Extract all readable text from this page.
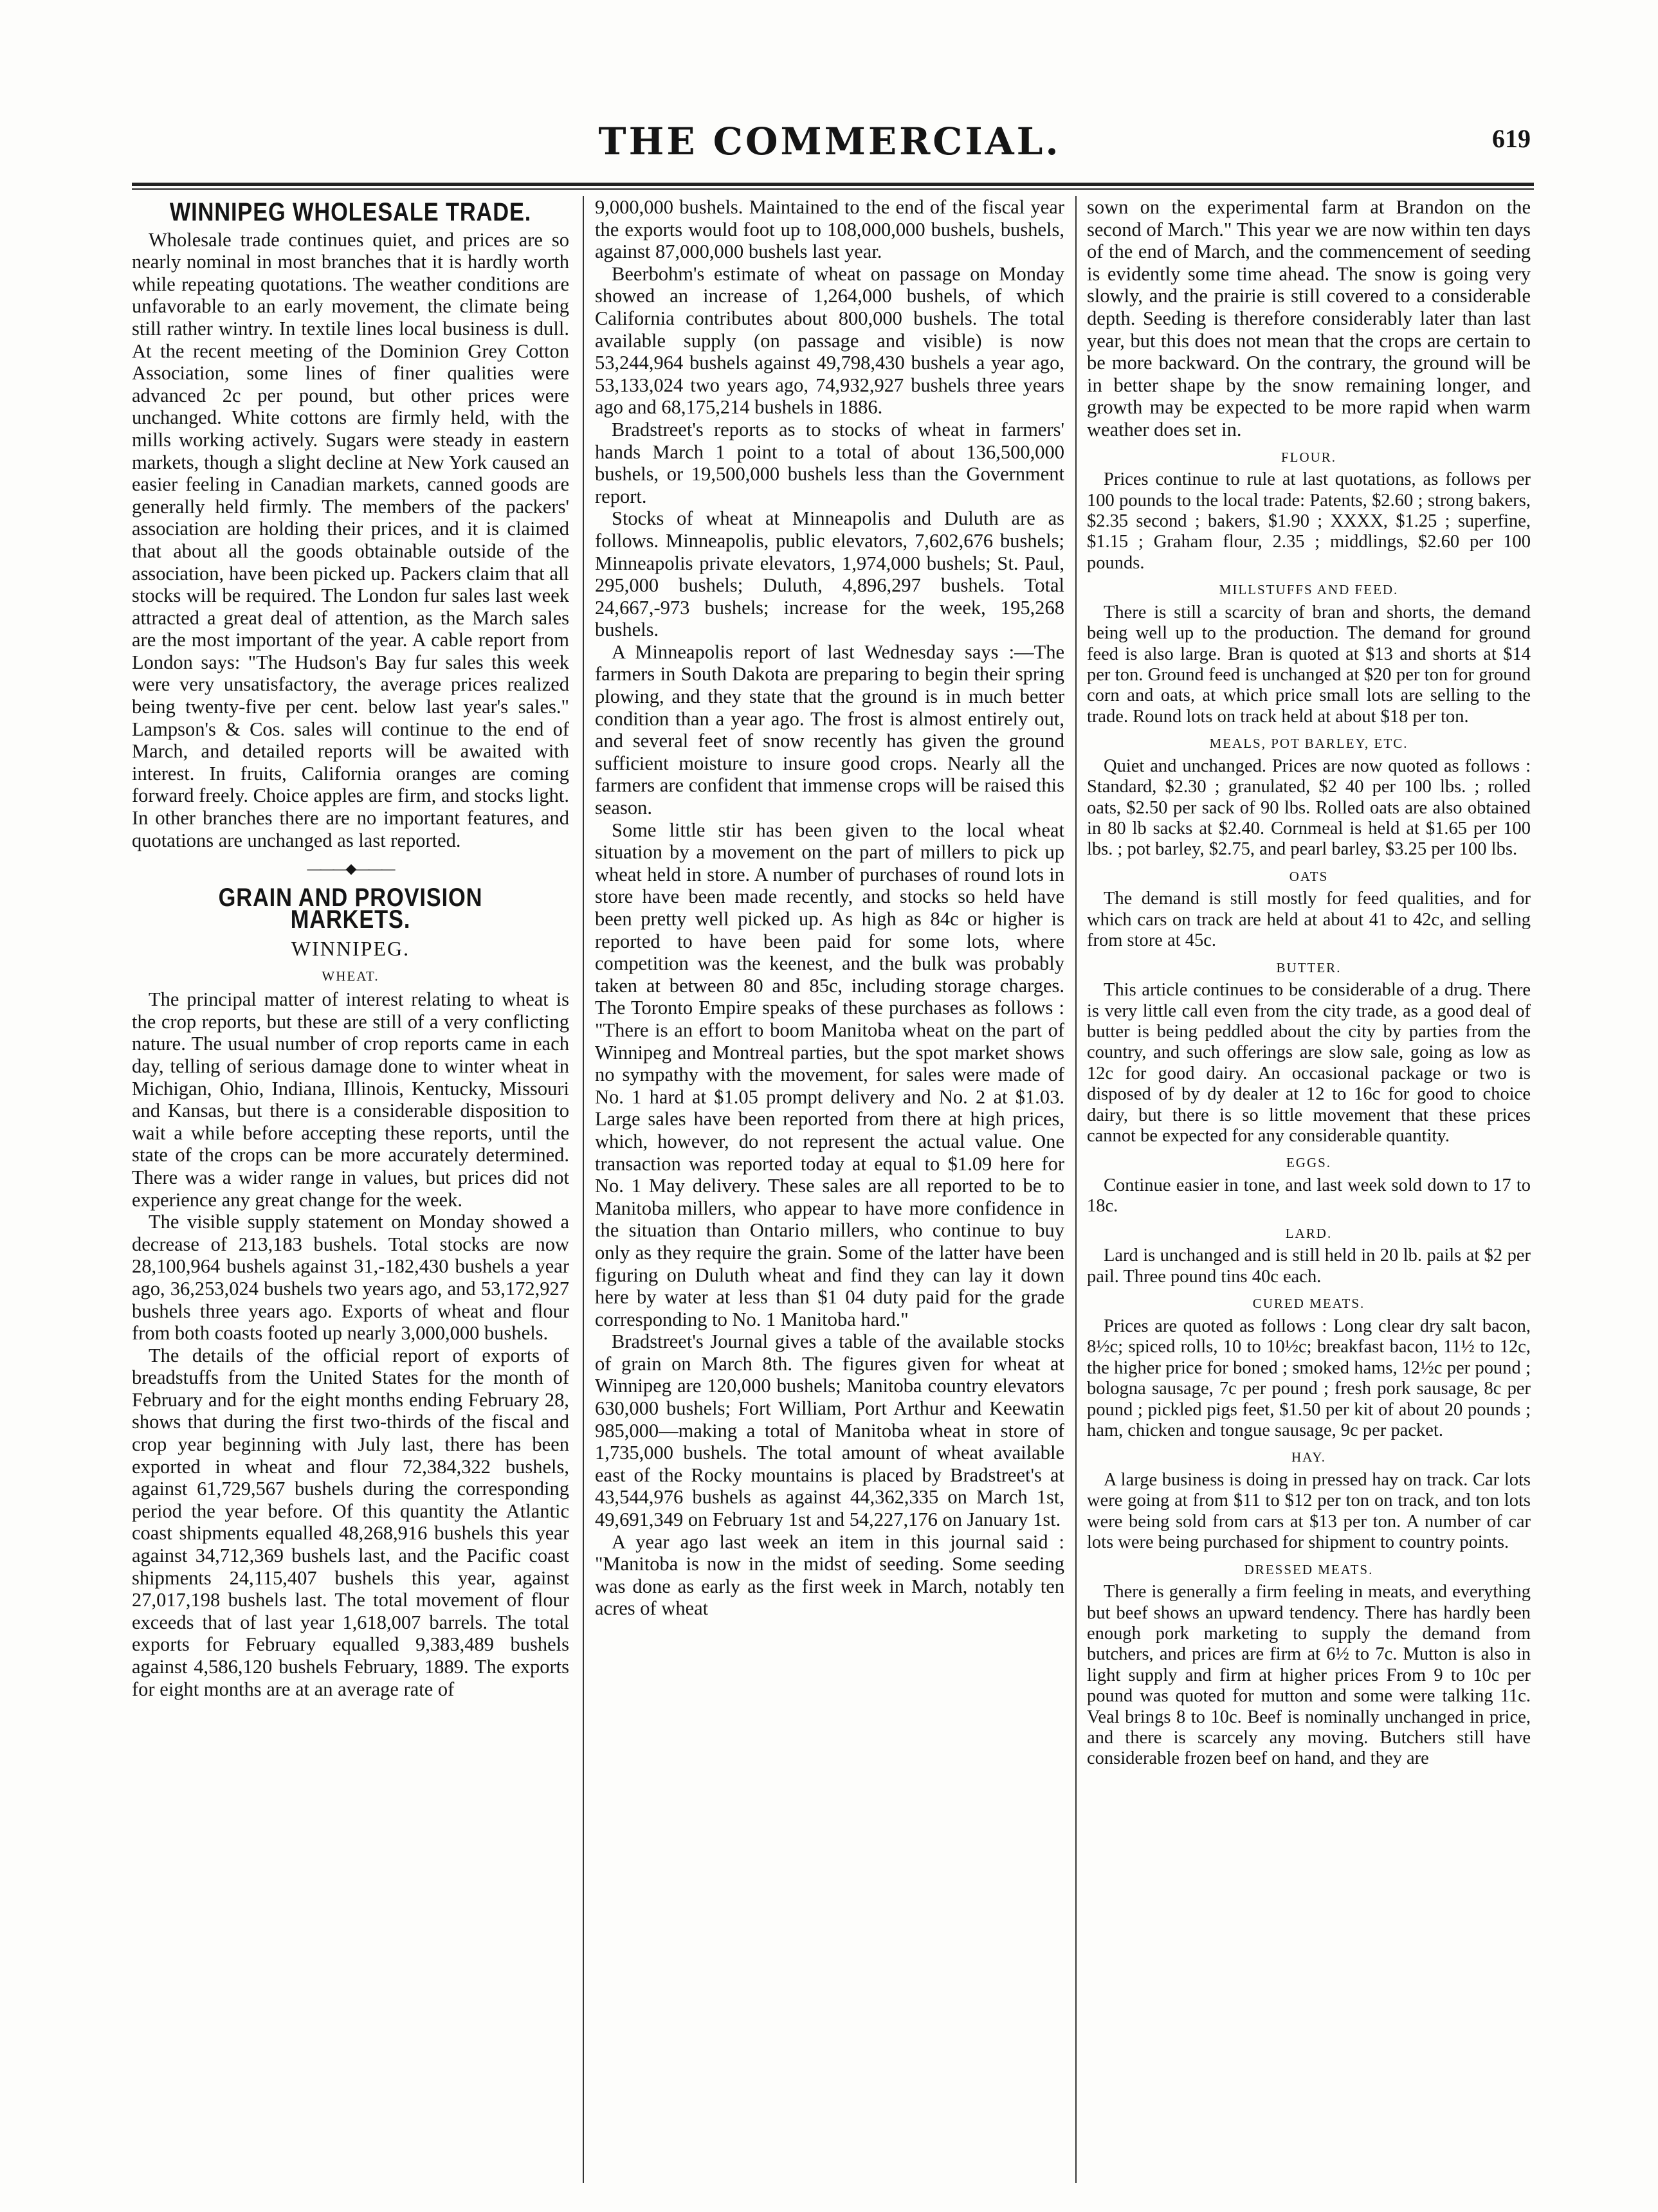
THE COMMERCIAL.	619
WINNIPEG WHOLESALE TRADE.

Wholesale trade continues quiet, and prices are so nearly nominal in most branches that it is hardly worth while repeating quotations. The weather conditions are unfavorable to an early movement, the climate being still rather wintry. In textile lines local business is dull. At the recent meeting of the Dominion Grey Cotton Association, some lines of finer qualities were advanced 2c per pound, but other prices were unchanged. White cottons are firmly held, with the mills working actively. Sugars were steady in eastern markets, though a slight decline at New York caused an easier feeling in Canadian markets, canned goods are generally held firmly. The members of the packers' association are holding their prices, and it is claimed that about all the goods obtainable outside of the association, have been picked up. Packers claim that all stocks will be required. The London fur sales last week attracted a great deal of attention, as the March sales are the most important of the year. A cable report from London says: "The Hudson's Bay fur sales this week were very unsatisfactory, the average prices realized being twenty-five per cent. below last year's sales." Lampson's & Cos. sales will continue to the end of March, and detailed reports will be awaited with interest. In fruits, California oranges are coming forward freely. Choice apples are firm, and stocks light. In other branches there are no important features, and quotations are unchanged as last reported.

———◆———
GRAIN AND PROVISION MARKETS.
WINNIPEG.
WHEAT.

The principal matter of interest relating to wheat is the crop reports, but these are still of a very conflicting nature. The usual number of crop reports came in each day, telling of serious damage done to winter wheat in Michigan, Ohio, Indiana, Illinois, Kentucky, Missouri and Kansas, but there is a considerable disposition to wait a while before accepting these reports, until the state of the crops can be more accurately determined. There was a wider range in values, but prices did not experience any great change for the week.

The visible supply statement on Monday showed a decrease of 213,183 bushels. Total stocks are now 28,100,964 bushels against 31,-182,430 bushels a year ago, 36,253,024 bushels two years ago, and 53,172,927 bushels three years ago. Exports of wheat and flour from both coasts footed up nearly 3,000,000 bushels.

The details of the official report of exports of breadstuffs from the United States for the month of February and for the eight months ending February 28, shows that during the first two-thirds of the fiscal and crop year beginning with July last, there has been exported in wheat and flour 72,384,322 bushels, against 61,729,567 bushels during the corresponding period the year before. Of this quantity the Atlantic coast shipments equalled 48,268,916 bushels this year against 34,712,369 bushels last, and the Pacific coast shipments 24,115,407 bushels this year, against 27,017,198 bushels last. The total movement of flour exceeds that of last year 1,618,007 barrels. The total exports for February equalled 9,383,489 bushels against 4,586,120 bushels February, 1889. The exports for eight months are at an average rate of

9,000,000 bushels. Maintained to the end of the fiscal year the exports would foot up to 108,000,000 bushels, bushels, against 87,000,000 bushels last year.

Beerbohm's estimate of wheat on passage on Monday showed an increase of 1,264,000 bushels, of which California contributes about 800,000 bushels. The total available supply (on passage and visible) is now 53,244,964 bushels against 49,798,430 bushels a year ago, 53,133,024 two years ago, 74,932,927 bushels three years ago and 68,175,214 bushels in 1886.

Bradstreet's reports as to stocks of wheat in farmers' hands March 1 point to a total of about 136,500,000 bushels, or 19,500,000 bushels less than the Government report.

Stocks of wheat at Minneapolis and Duluth are as follows. Minneapolis, public elevators, 7,602,676 bushels; Minneapolis private elevators, 1,974,000 bushels; St. Paul, 295,000 bushels; Duluth, 4,896,297 bushels. Total 24,667,-973 bushels; increase for the week, 195,268 bushels.

A Minneapolis report of last Wednesday says :—The farmers in South Dakota are preparing to begin their spring plowing, and they state that the ground is in much better condition than a year ago. The frost is almost entirely out, and several feet of snow recently has given the ground sufficient moisture to insure good crops. Nearly all the farmers are confident that immense crops will be raised this season.

Some little stir has been given to the local wheat situation by a movement on the part of millers to pick up wheat held in store. A number of purchases of round lots in store have been made recently, and stocks so held have been pretty well picked up. As high as 84c or higher is reported to have been paid for some lots, where competition was the keenest, and the bulk was probably taken at between 80 and 85c, including storage charges. The Toronto Empire speaks of these purchases as follows : "There is an effort to boom Manitoba wheat on the part of Winnipeg and Montreal parties, but the spot market shows no sympathy with the movement, for sales were made of No. 1 hard at $1.05 prompt delivery and No. 2 at $1.03. Large sales have been reported from there at high prices, which, however, do not represent the actual value. One transaction was reported today at equal to $1.09 here for No. 1 May delivery. These sales are all reported to be to Manitoba millers, who appear to have more confidence in the situation than Ontario millers, who continue to buy only as they require the grain. Some of the latter have been figuring on Duluth wheat and find they can lay it down here by water at less than $1 04 duty paid for the grade corresponding to No. 1 Manitoba hard."

Bradstreet's Journal gives a table of the available stocks of grain on March 8th. The figures given for wheat at Winnipeg are 120,000 bushels; Manitoba country elevators 630,000 bushels; Fort William, Port Arthur and Keewatin 985,000—making a total of Manitoba wheat in store of 1,735,000 bushels. The total amount of wheat available east of the Rocky mountains is placed by Bradstreet's at 43,544,976 bushels as against 44,362,335 on March 1st, 49,691,349 on February 1st and 54,227,176 on January 1st.

A year ago last week an item in this journal said : "Manitoba is now in the midst of seeding. Some seeding was done as early as the first week in March, notably ten acres of wheat

sown on the experimental farm at Brandon on the second of March." This year we are now within ten days of the end of March, and the commencement of seeding is evidently some time ahead. The snow is going very slowly, and the prairie is still covered to a considerable depth. Seeding is therefore considerably later than last year, but this does not mean that the crops are certain to be more backward. On the contrary, the ground will be in better shape by the snow remaining longer, and growth may be expected to be more rapid when warm weather does set in.

FLOUR.

Prices continue to rule at last quotations, as follows per 100 pounds to the local trade: Patents, $2.60 ; strong bakers, $2.35 second ; bakers, $1.90 ; XXXX, $1.25 ; superfine, $1.15 ; Graham flour, 2.35 ; middlings, $2.60 per 100 pounds.

MILLSTUFFS AND FEED.

There is still a scarcity of bran and shorts, the demand being well up to the production. The demand for ground feed is also large. Bran is quoted at $13 and shorts at $14 per ton. Ground feed is unchanged at $20 per ton for ground corn and oats, at which price small lots are selling to the trade. Round lots on track held at about $18 per ton.

MEALS, POT BARLEY, ETC.

Quiet and unchanged. Prices are now quoted as follows : Standard, $2.30 ; granulated, $2 40 per 100 lbs. ; rolled oats, $2.50 per sack of 90 lbs. Rolled oats are also obtained in 80 lb sacks at $2.40. Cornmeal is held at $1.65 per 100 lbs. ; pot barley, $2.75, and pearl barley, $3.25 per 100 lbs.

OATS

The demand is still mostly for feed qualities, and for which cars on track are held at about 41 to 42c, and selling from store at 45c.

BUTTER.

This article continues to be considerable of a drug. There is very little call even from the city trade, as a good deal of butter is being peddled about the city by parties from the country, and such offerings are slow sale, going as low as 12c for good dairy. An occasional package or two is disposed of by dy dealer at 12 to 16c for good to choice dairy, but there is so little movement that these prices cannot be expected for any considerable quantity.

EGGS.

Continue easier in tone, and last week sold down to 17 to 18c.

LARD.

Lard is unchanged and is still held in 20 lb. pails at $2 per pail. Three pound tins 40c each.

CURED MEATS.

Prices are quoted as follows : Long clear dry salt bacon, 8½c; spiced rolls, 10 to 10½c; breakfast bacon, 11½ to 12c, the higher price for boned ; smoked hams, 12½c per pound ; bologna sausage, 7c per pound ; fresh pork sausage, 8c per pound ; pickled pigs feet, $1.50 per kit of about 20 pounds ; ham, chicken and tongue sausage, 9c per packet.

HAY.

A large business is doing in pressed hay on track. Car lots were going at from $11 to $12 per ton on track, and ton lots were being sold from cars at $13 per ton. A number of car lots were being purchased for shipment to country points.

DRESSED MEATS.

There is generally a firm feeling in meats, and everything but beef shows an upward tendency. There has hardly been enough pork marketing to supply the demand from butchers, and prices are firm at 6½ to 7c. Mutton is also in light supply and firm at higher prices From 9 to 10c per pound was quoted for mutton and some were talking 11c. Veal brings 8 to 10c. Beef is nominally unchanged in price, and there is scarcely any moving. Butchers still have considerable frozen beef on hand, and they are
